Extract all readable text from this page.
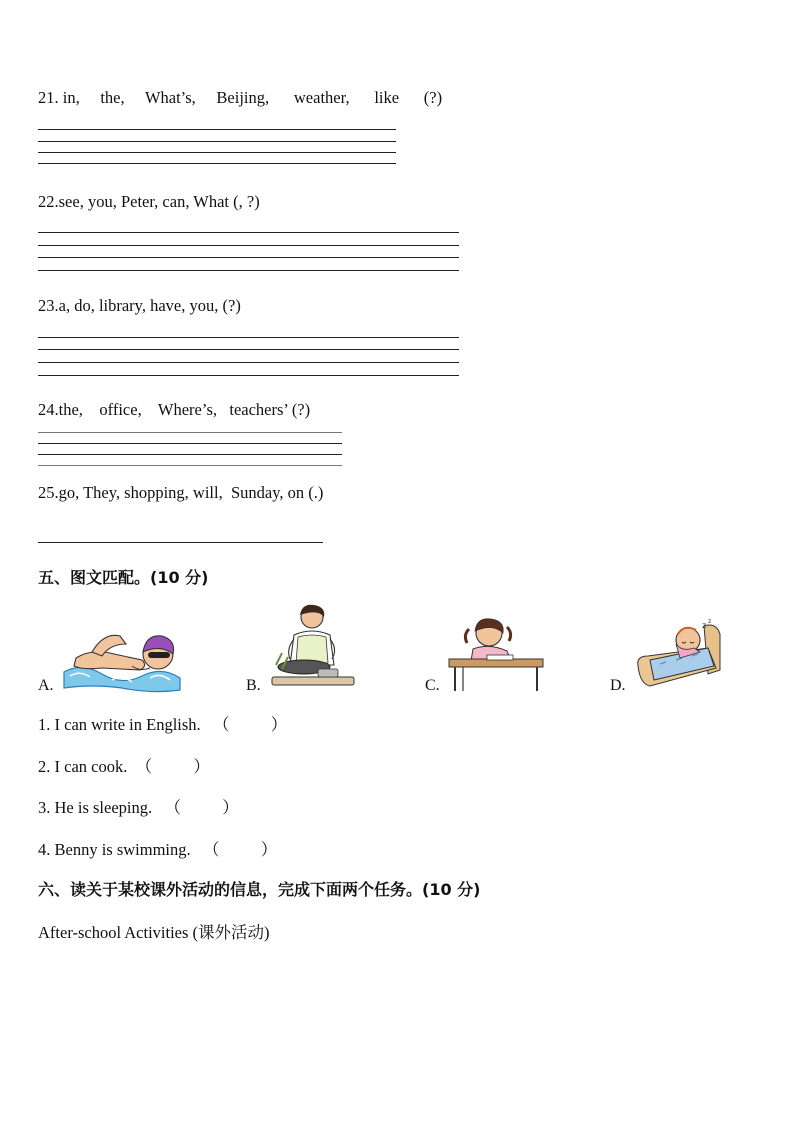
21. in,     the,     What’s,     Beijing,      weather,      like      (?)
22.see, you, Peter, can, What (, ?)
23.a, do, library, have, you, (?)
24.the,    office,    Where’s,   teachers’ (?)
25.go, They, shopping, will,  Sunday, on (.)
五、图文匹配。(10 分)
A.	B.	C.	D.
z z
1. I can write in English. （          ）
2. I can cook. （          ）
3. He is sleeping. （          ）
4. Benny is swimming. （          ）
六、读关于某校课外活动的信息，完成下面两个任务。(10 分)
After-school Activities (课外活动)
